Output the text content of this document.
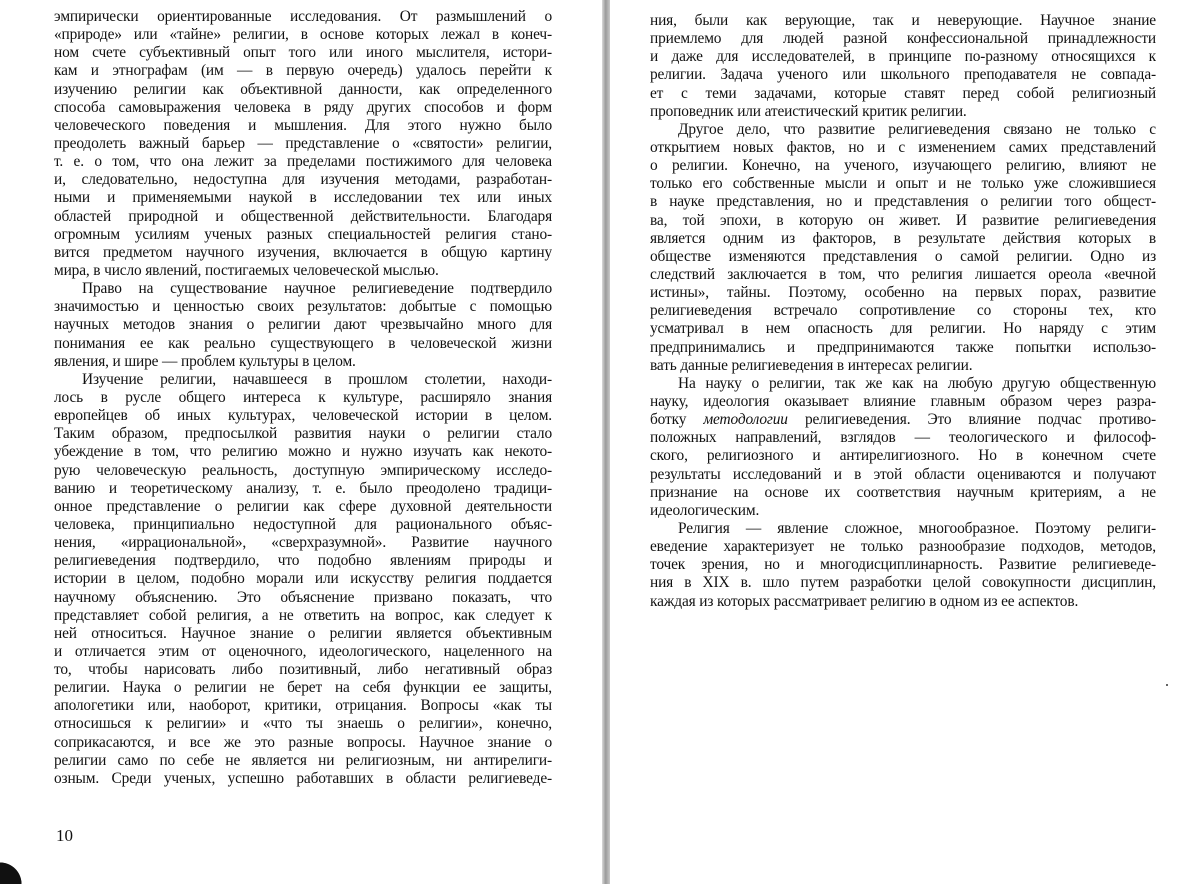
эмпирически ориентированные исследования. От размышлений о
«природе» или «тайне» религии, в основе которых лежал в конеч-
ном счете субъективный опыт того или иного мыслителя, истори-
кам и этнографам (им — в первую очередь) удалось перейти к
изучению религии как объективной данности, как определенного
способа самовыражения человека в ряду других способов и форм
человеческого поведения и мышления. Для этого нужно было
преодолеть важный барьер — представление о «святости» религии,
т. е. о том, что она лежит за пределами постижимого для человека
и, следовательно, недоступна для изучения методами, разработан-
ными и применяемыми наукой в исследовании тех или иных
областей природной и общественной действительности. Благодаря
огромным усилиям ученых разных специальностей религия стано-
вится предметом научного изучения, включается в общую картину
мира, в число явлений, постигаемых человеческой мыслью.
Право на существование научное религиеведение подтвердило
значимостью и ценностью своих результатов: добытые с помощью
научных методов знания о религии дают чрезвычайно много для
понимания ее как реально существующего в человеческой жизни
явления, и шире — проблем культуры в целом.
Изучение религии, начавшееся в прошлом столетии, находи-
лось в русле общего интереса к культуре, расширяло знания
европейцев об иных культурах, человеческой истории в целом.
Таким образом, предпосылкой развития науки о религии стало
убеждение в том, что религию можно и нужно изучать как некото-
рую человеческую реальность, доступную эмпирическому исследо-
ванию и теоретическому анализу, т. е. было преодолено традици-
онное представление о религии как сфере духовной деятельности
человека, принципиально недоступной для рационального объяс-
нения, «иррациональной», «сверхразумной». Развитие научного
религиеведения подтвердило, что подобно явлениям природы и
истории в целом, подобно морали или искусству религия поддается
научному объяснению. Это объяснение призвано показать, что
представляет собой религия, а не ответить на вопрос, как следует к
ней относиться. Научное знание о религии является объективным
и отличается этим от оценочного, идеологического, нацеленного на
то, чтобы нарисовать либо позитивный, либо негативный образ
религии. Наука о религии не берет на себя функции ее защиты,
апологетики или, наоборот, критики, отрицания. Вопросы «как ты
относишься к религии» и «что ты знаешь о религии», конечно,
соприкасаются, и все же это разные вопросы. Научное знание о
религии само по себе не является ни религиозным, ни антирелиги-
озным. Среди ученых, успешно работавших в области религиеведе-
10
ния, были как верующие, так и неверующие. Научное знание
приемлемо для людей разной конфессиональной принадлежности
и даже для исследователей, в принципе по-разному относящихся к
религии. Задача ученого или школьного преподавателя не совпада-
ет с теми задачами, которые ставят перед собой религиозный
проповедник или атеистический критик религии.
Другое дело, что развитие религиеведения связано не только с
открытием новых фактов, но и с изменением самих представлений
о религии. Конечно, на ученого, изучающего религию, влияют не
только его собственные мысли и опыт и не только уже сложившиеся
в науке представления, но и представления о религии того общест-
ва, той эпохи, в которую он живет. И развитие религиеведения
является одним из факторов, в результате действия которых в
обществе изменяются представления о самой религии. Одно из
следствий заключается в том, что религия лишается ореола «вечной
истины», тайны. Поэтому, особенно на первых порах, развитие
религиеведения встречало сопротивление со стороны тех, кто
усматривал в нем опасность для религии. Но наряду с этим
предпринимались и предпринимаются также попытки использо-
вать данные религиеведения в интересах религии.
На науку о религии, так же как на любую другую общественную
науку, идеология оказывает влияние главным образом через разра-
ботку методологии религиеведения. Это влияние подчас противо-
положных направлений, взглядов — теологического и философ-
ского, религиозного и антирелигиозного. Но в конечном счете
результаты исследований и в этой области оцениваются и получают
признание на основе их соответствия научным критериям, а не
идеологическим.
Религия — явление сложное, многообразное. Поэтому религи-
еведение характеризует не только разнообразие подходов, методов,
точек зрения, но и многодисциплинарность. Развитие религиеведе-
ния в XIX в. шло путем разработки целой совокупности дисциплин,
каждая из которых рассматривает религию в одном из ее аспектов.
